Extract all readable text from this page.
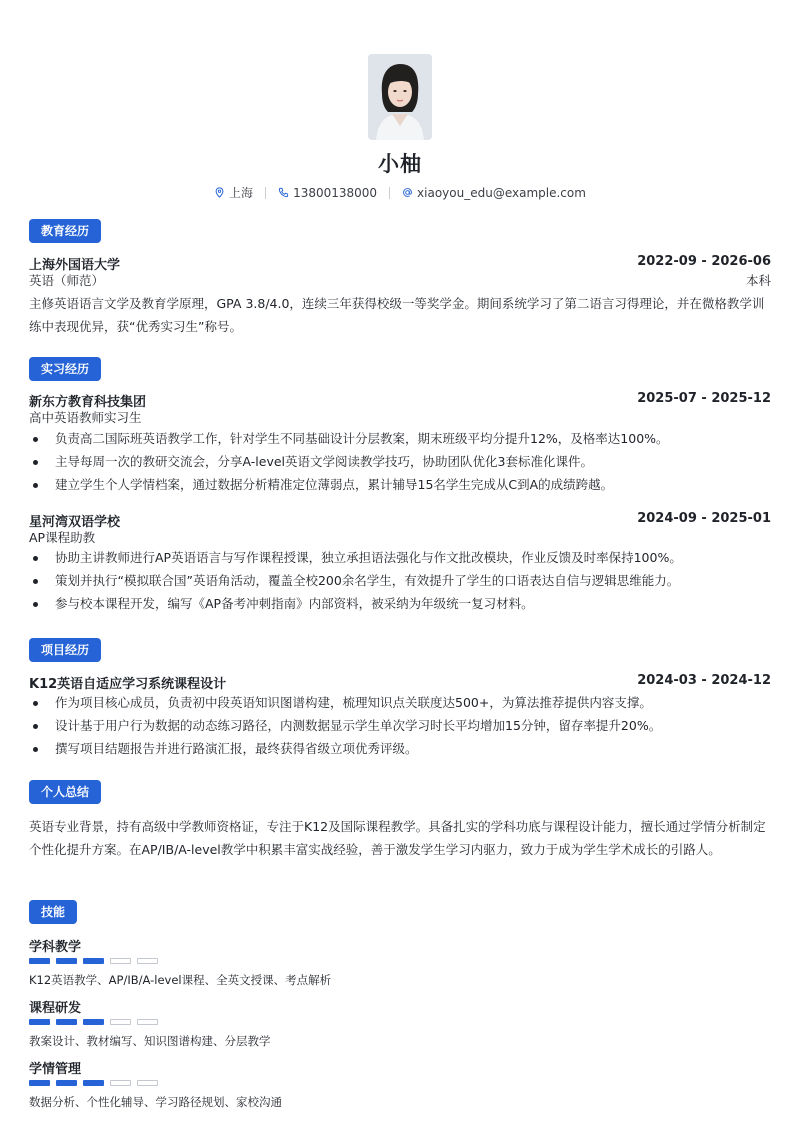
小柚
上海	13800138000	xiaoyou_edu@example.com
教育经历
上海外国语大学	2022-09 - 2026-06
英语（师范）	本科
主修英语语言文学及教育学原理，GPA 3.8/4.0，连续三年获得校级一等奖学金。期间系统学习了第二语言习得理论，并在微格教学训练中表现优异，获“优秀实习生”称号。
实习经历
新东方教育科技集团	2025-07 - 2025-12
高中英语教师实习生
负责高二国际班英语教学工作，针对学生不同基础设计分层教案，期末班级平均分提升12%，及格率达100%。
主导每周一次的教研交流会，分享A-level英语文学阅读教学技巧，协助团队优化3套标准化课件。
建立学生个人学情档案，通过数据分析精准定位薄弱点，累计辅导15名学生完成从C到A的成绩跨越。
星河湾双语学校	2024-09 - 2025-01
AP课程助教
协助主讲教师进行AP英语语言与写作课程授课，独立承担语法强化与作文批改模块，作业反馈及时率保持100%。
策划并执行“模拟联合国”英语角活动，覆盖全校200余名学生，有效提升了学生的口语表达自信与逻辑思维能力。
参与校本课程开发，编写《AP备考冲刺指南》内部资料，被采纳为年级统一复习材料。
项目经历
K12英语自适应学习系统课程设计	2024-03 - 2024-12
作为项目核心成员，负责初中段英语知识图谱构建，梳理知识点关联度达500+，为算法推荐提供内容支撑。
设计基于用户行为数据的动态练习路径，内测数据显示学生单次学习时长平均增加15分钟，留存率提升20%。
撰写项目结题报告并进行路演汇报，最终获得省级立项优秀评级。
个人总结
英语专业背景，持有高级中学教师资格证，专注于K12及国际课程教学。具备扎实的学科功底与课程设计能力，擅长通过学情分析制定个性化提升方案。在AP/IB/A-level教学中积累丰富实战经验，善于激发学生学习内驱力，致力于成为学生学术成长的引路人。
技能
学科教学
K12英语教学、AP/IB/A-level课程、全英文授课、考点解析
课程研发
教案设计、教材编写、知识图谱构建、分层教学
学情管理
数据分析、个性化辅导、学习路径规划、家校沟通
